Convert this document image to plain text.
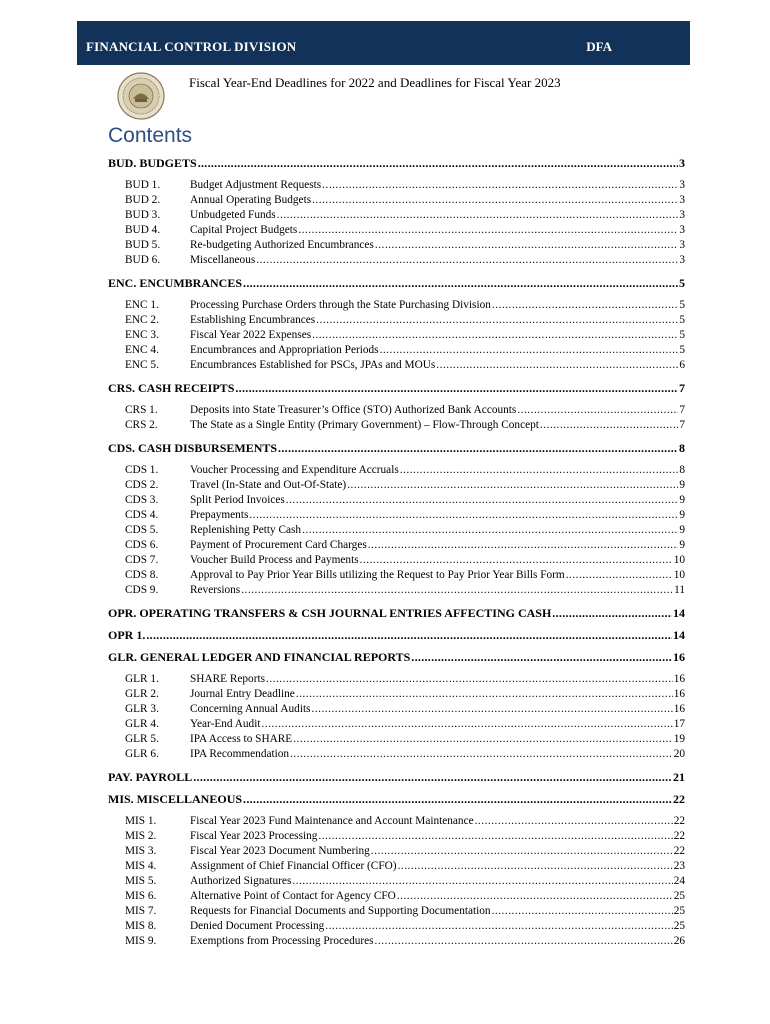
FINANCIAL CONTROL DIVISION	DFA
Fiscal Year-End Deadlines for 2022 and Deadlines for Fiscal Year 2023
Contents
BUD. BUDGETS .....	3
BUD 1.	Budget Adjustment Requests .....	3
BUD 2.	Annual Operating Budgets .....	3
BUD 3.	Unbudgeted Funds .....	3
BUD 4.	Capital Project Budgets .....	3
BUD 5.	Re-budgeting Authorized Encumbrances .....	3
BUD 6.	Miscellaneous .....	3
ENC. ENCUMBRANCES .....	5
ENC 1.	Processing Purchase Orders through the State Purchasing Division .....	5
ENC 2.	Establishing Encumbrances .....	5
ENC 3.	Fiscal Year 2022 Expenses .....	5
ENC 4.	Encumbrances and Appropriation Periods .....	5
ENC 5.	Encumbrances Established for PSCs, JPAs and MOUs .....	6
CRS. CASH RECEIPTS .....	7
CRS 1.	Deposits into State Treasurer’s Office (STO) Authorized Bank Accounts .....	7
CRS 2.	The State as a Single Entity (Primary Government) – Flow-Through Concept .....	7
CDS. CASH DISBURSEMENTS .....	8
CDS 1.	Voucher Processing and Expenditure Accruals .....	8
CDS 2.	Travel (In-State and Out-Of-State) .....	9
CDS 3.	Split Period Invoices .....	9
CDS 4.	Prepayments .....	9
CDS 5.	Replenishing Petty Cash .....	9
CDS 6.	Payment of Procurement Card Charges .....	9
CDS 7.	Voucher Build Process and Payments .....	10
CDS 8.	Approval to Pay Prior Year Bills utilizing the Request to Pay Prior Year Bills Form .....	10
CDS 9.	Reversions .....	11
OPR. OPERATING TRANSFERS & CSH JOURNAL ENTRIES AFFECTING CASH .....	14
OPR 1. .....	14
GLR. GENERAL LEDGER AND FINANCIAL REPORTS .....	16
GLR 1.	SHARE Reports .....	16
GLR 2.	Journal Entry Deadline .....	16
GLR 3.	Concerning Annual Audits .....	16
GLR 4.	Year-End Audit .....	17
GLR 5.	IPA Access to SHARE .....	19
GLR 6.	IPA Recommendation .....	20
PAY. PAYROLL .....	21
MIS. MISCELLANEOUS .....	22
MIS 1.	Fiscal Year 2023 Fund Maintenance and Account Maintenance .....	22
MIS 2.	Fiscal Year 2023 Processing .....	22
MIS 3.	Fiscal Year 2023 Document Numbering .....	22
MIS 4.	Assignment of Chief Financial Officer (CFO) .....	23
MIS 5.	Authorized Signatures .....	24
MIS 6.	Alternative Point of Contact for Agency CFO .....	25
MIS 7.	Requests for Financial Documents and Supporting Documentation .....	25
MIS 8.	Denied Document Processing .....	25
MIS 9.	Exemptions from Processing Procedures .....	26
